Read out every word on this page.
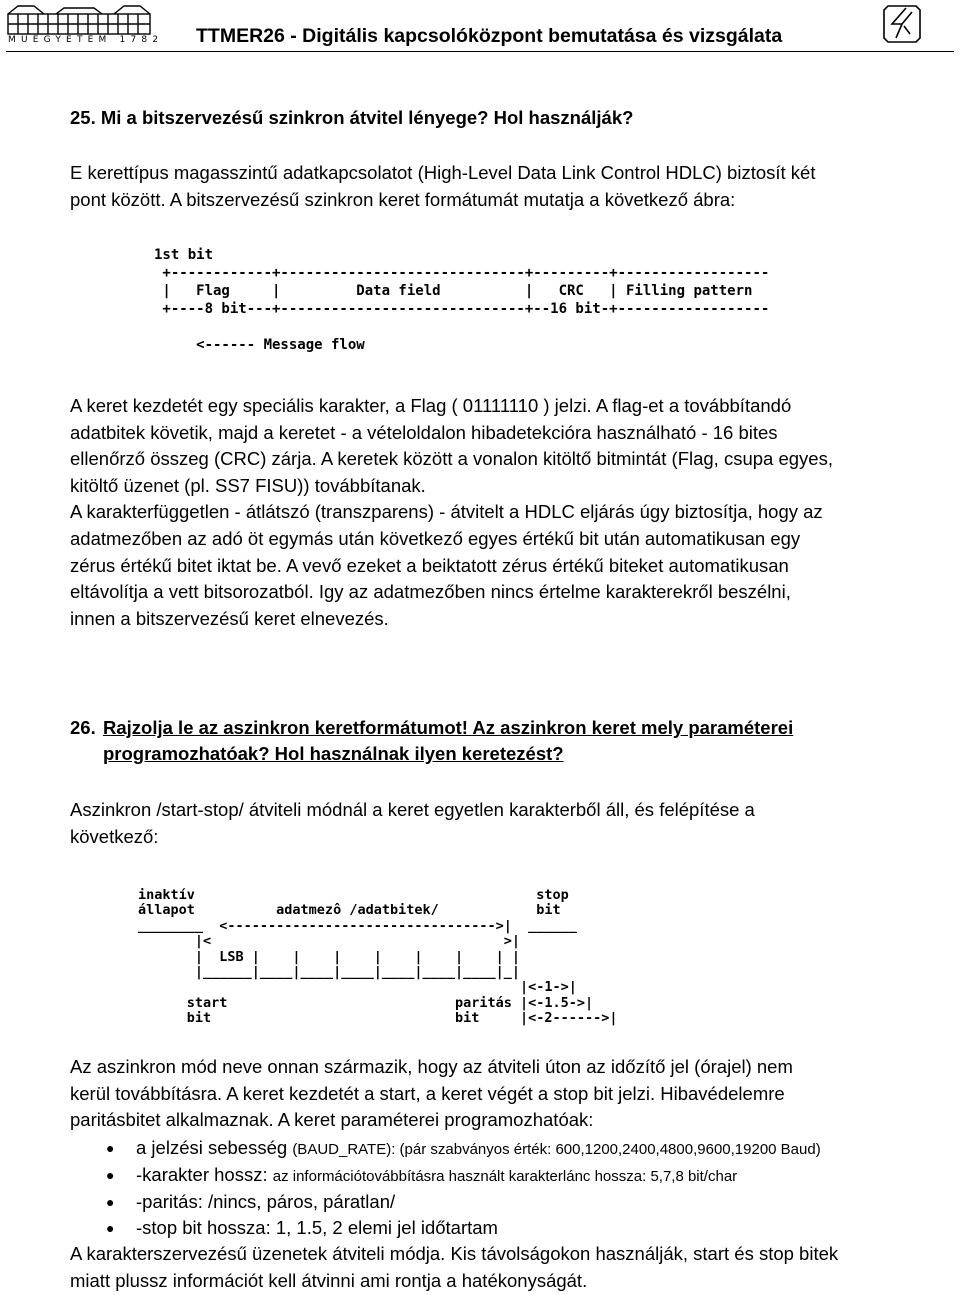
MŰEGYETEM 1782 TTMER26 - Digitális kapcsolóközpont bemutatása és vizsgálata
25. Mi a bitszervezésű szinkron átvitel lényege? Hol használják?
E kerettípus magasszintű adatkapcsolatot (High-Level Data Link Control HDLC) biztosít két
pont között. A bitszervezésű szinkron keret formátumát mutatja a következő ábra:
1st bit
+------------+-----------------------------+---------+------------------
|   Flag     |         Data field          |   CRC   | Filling pattern
+----8 bit---+-----------------------------+--16 bit-+------------------

<------ Message flow
A keret kezdetét egy speciális karakter, a Flag ( 01111110 ) jelzi. A flag-et a továbbítandó
adatbitek követik, majd a keretet - a vételoldalon hibadetekcióra használható - 16 bites
ellenőrző összeg (CRC) zárja. A keretek között a vonalon kitöltő bitmintát (Flag, csupa egyes,
kitöltő üzenet (pl. SS7 FISU)) továbbítanak.
A karakterfüggetlen - átlátszó (transzparens) - átvitelt a HDLC eljárás úgy biztosítja, hogy az
adatmezőben az adó öt egymás után következő egyes értékű bit után automatikusan egy
zérus értékű bitet iktat be. A vevő ezeket a beiktatott zérus értékű biteket automatikusan
eltávolítja a vett bitsorozatból. Igy az adatmezőben nincs értelme karakterekről beszélni,
innen a bitszervezésű keret elnevezés.
26. Rajzolja le az aszinkron keretformátumot! Az aszinkron keret mely paraméterei
programozhatóak? Hol használnak ilyen keretezést?
Aszinkron /start-stop/ átviteli módnál a keret egyetlen karakterből áll, és felépítése a
következő:
inaktív                                          stop
állapot          adatmezô /adatbitek/            bit
________  <--------------------------------->|  ______
|<                                    >|
|  LSB |    |    |    |    |    |    | |
|______|____|____|____|____|____|____|_|
|<-1->|
start                            paritás |<-1.5->|
bit                              bit     |<-2------>|
Az aszinkron mód neve onnan származik, hogy az átviteli úton az időzítő jel (órajel) nem
kerül továbbításra. A keret kezdetét a start, a keret végét a stop bit jelzi. Hibavédelemre
paritásbitet alkalmaznak. A keret paraméterei programozhatóak:
● a jelzési sebesség (BAUD_RATE): (pár szabványos érték: 600,1200,2400,4800,9600,19200 Baud)
● -karakter hossz: az információtovábbításra használt karakterlánc hossza: 5,7,8 bit/char
● -paritás: /nincs, páros, páratlan/
● -stop bit hossza: 1, 1.5, 2 elemi jel időtartam
A karakterszervezésű üzenetek átviteli módja. Kis távolságokon használják, start és stop bitek
miatt plussz információt kell átvinni ami rontja a hatékonyságát.
